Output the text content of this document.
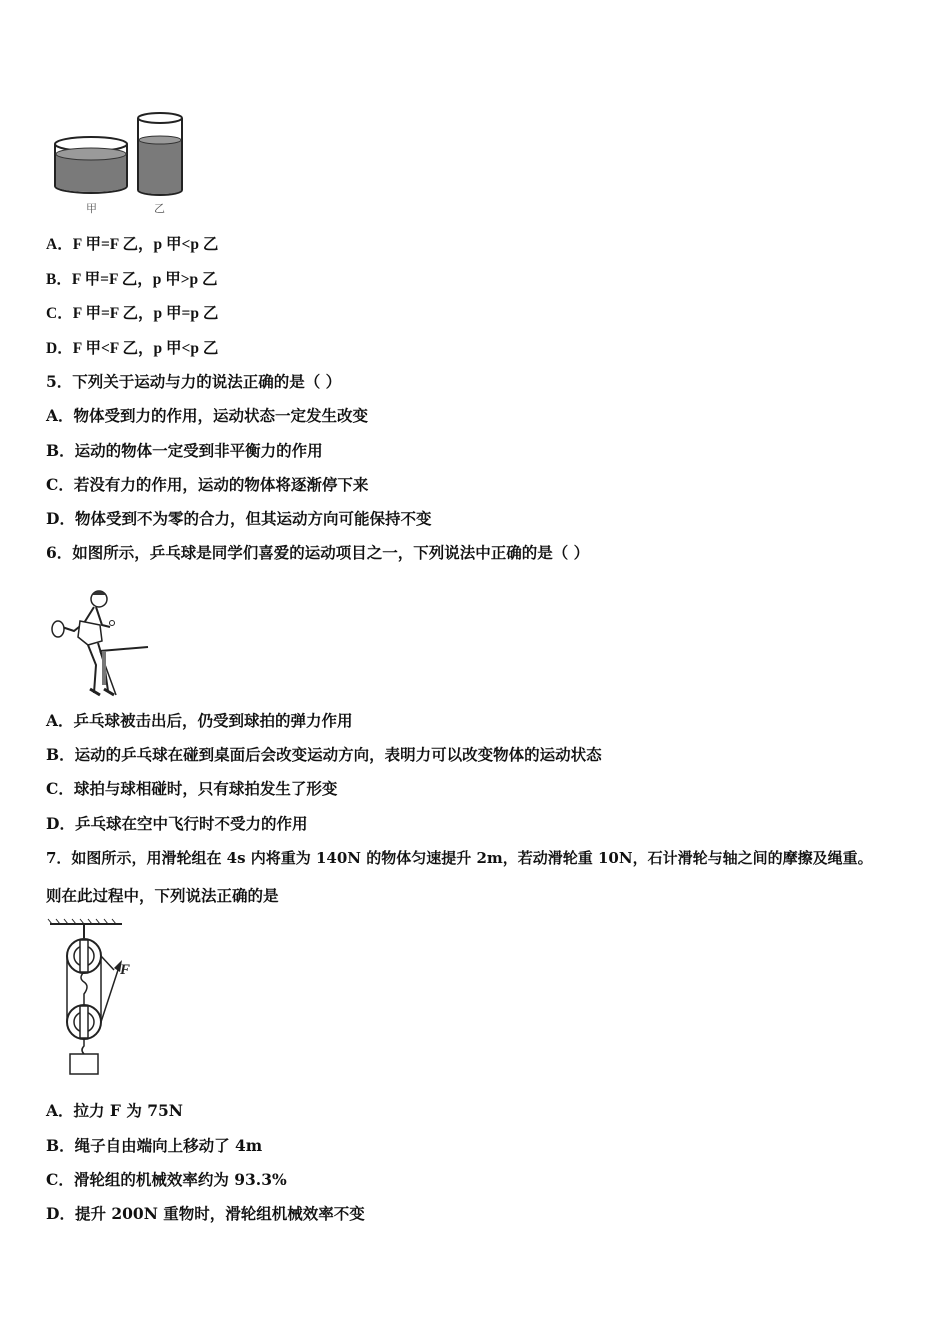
甲	乙
A．F 甲=F 乙，p 甲<p 乙
B．F 甲=F 乙，p 甲>p 乙
C．F 甲=F 乙，p 甲=p 乙
D．F 甲<F 乙，p 甲<p 乙
5．下列关于运动与力的说法正确的是（ ）
A．物体受到力的作用，运动状态一定发生改变
B．运动的物体一定受到非平衡力的作用
C．若没有力的作用，运动的物体将逐渐停下来
D．物体受到不为零的合力，但其运动方向可能保持不变
6．如图所示，乒乓球是同学们喜爱的运动项目之一，下列说法中正确的是（ ）
A．乒乓球被击出后，仍受到球拍的弹力作用
B．运动的乒乓球在碰到桌面后会改变运动方向，表明力可以改变物体的运动状态
C．球拍与球相碰时，只有球拍发生了形变
D．乒乓球在空中飞行时不受力的作用
7．如图所示，用滑轮组在 4s 内将重为 140N 的物体匀速提升 2m，若动滑轮重 10N，石计滑轮与轴之间的摩擦及绳重。
则在此过程中，下列说法正确的是
F
A．拉力 F 为 75N
B．绳子自由端向上移动了 4m
C．滑轮组的机械效率约为 93.3%
D．提升 200N 重物时，滑轮组机械效率不变
